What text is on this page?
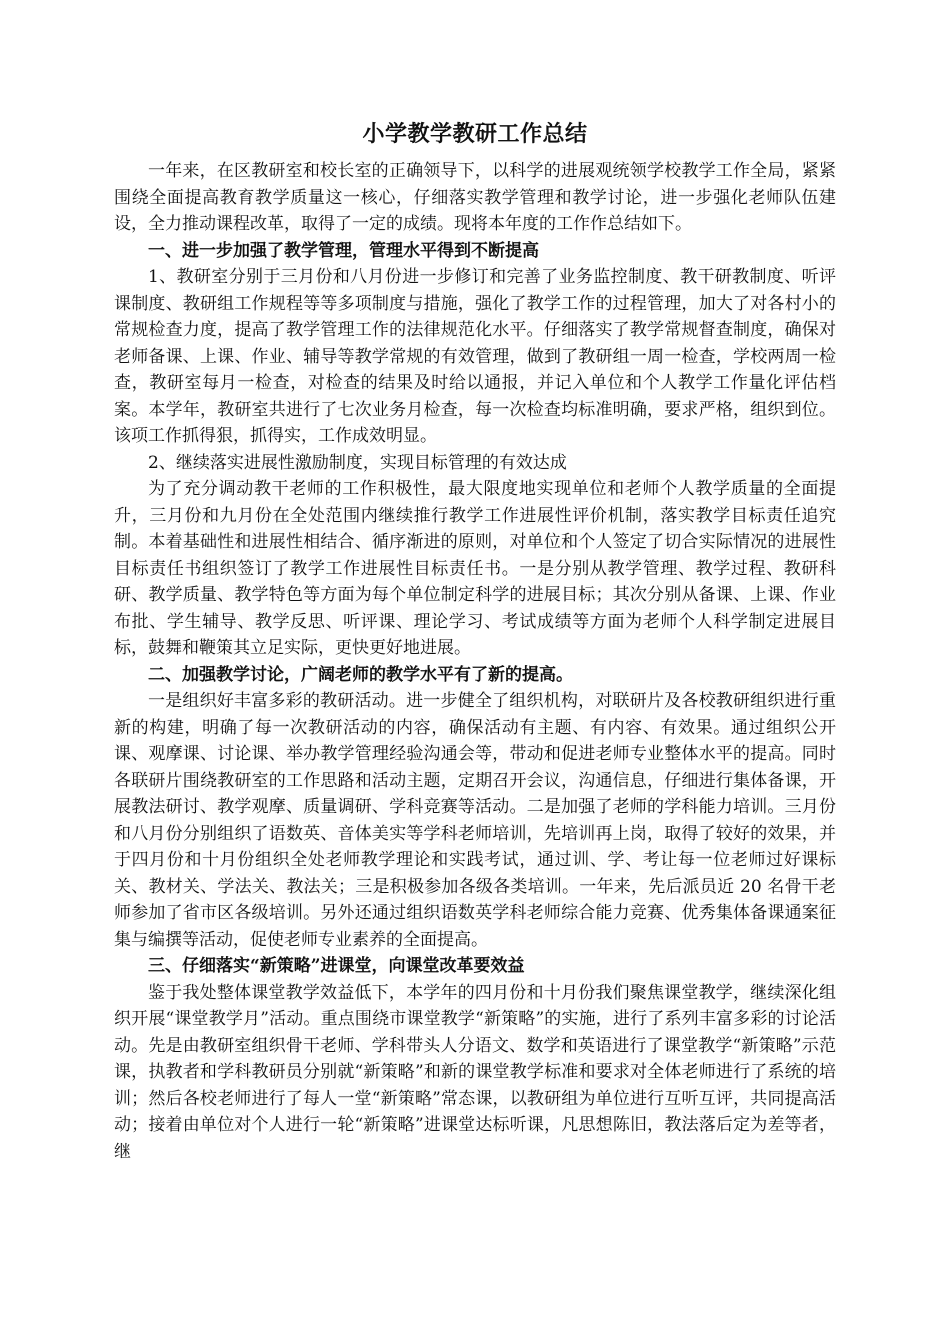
小学教学教研工作总结

一年来，在区教研室和校长室的正确领导下，以科学的进展观统领学校教学工作全局，紧紧围绕全面提高教育教学质量这一核心，仔细落实教学管理和教学讨论，进一步强化老师队伍建设，全力推动课程改革，取得了一定的成绩。现将本年度的工作作总结如下。

一、进一步加强了教学管理，管理水平得到不断提高

1、教研室分别于三月份和八月份进一步修订和完善了业务监控制度、教干研教制度、听评课制度、教研组工作规程等等多项制度与措施，强化了教学工作的过程管理，加大了对各村小的常规检查力度，提高了教学管理工作的法律规范化水平。仔细落实了教学常规督查制度，确保对老师备课、上课、作业、辅导等教学常规的有效管理，做到了教研组一周一检查，学校两周一检查，教研室每月一检查，对检查的结果及时给以通报，并记入单位和个人教学工作量化评估档案。本学年，教研室共进行了七次业务月检查，每一次检查均标准明确，要求严格，组织到位。该项工作抓得狠，抓得实，工作成效明显。

2、继续落实进展性激励制度，实现目标管理的有效达成

为了充分调动教干老师的工作积极性，最大限度地实现单位和老师个人教学质量的全面提升，三月份和九月份在全处范围内继续推行教学工作进展性评价机制，落实教学目标责任追究制。本着基础性和进展性相结合、循序渐进的原则，对单位和个人签定了切合实际情况的进展性目标责任书组织签订了教学工作进展性目标责任书。一是分别从教学管理、教学过程、教研科研、教学质量、教学特色等方面为每个单位制定科学的进展目标；其次分别从备课、上课、作业布批、学生辅导、教学反思、听评课、理论学习、考试成绩等方面为老师个人科学制定进展目标，鼓舞和鞭策其立足实际，更快更好地进展。

二、加强教学讨论，广阔老师的教学水平有了新的提高。

一是组织好丰富多彩的教研活动。进一步健全了组织机构，对联研片及各校教研组织进行重新的构建，明确了每一次教研活动的内容，确保活动有主题、有内容、有效果。通过组织公开课、观摩课、讨论课、举办教学管理经验沟通会等，带动和促进老师专业整体水平的提高。同时各联研片围绕教研室的工作思路和活动主题，定期召开会议，沟通信息，仔细进行集体备课，开展教法研讨、教学观摩、质量调研、学科竞赛等活动。二是加强了老师的学科能力培训。三月份和八月份分别组织了语数英、音体美实等学科老师培训，先培训再上岗，取得了较好的效果，并于四月份和十月份组织全处老师教学理论和实践考试，通过训、学、考让每一位老师过好课标关、教材关、学法关、教法关；三是积极参加各级各类培训。一年来，先后派员近 20 名骨干老师参加了省市区各级培训。另外还通过组织语数英学科老师综合能力竞赛、优秀集体备课通案征集与编撰等活动，促使老师专业素养的全面提高。

三、仔细落实“新策略”进课堂，向课堂改革要效益

鉴于我处整体课堂教学效益低下，本学年的四月份和十月份我们聚焦课堂教学，继续深化组织开展“课堂教学月”活动。重点围绕市课堂教学“新策略”的实施，进行了系列丰富多彩的讨论活动。先是由教研室组织骨干老师、学科带头人分语文、数学和英语进行了课堂教学“新策略”示范课，执教者和学科教研员分别就“新策略”和新的课堂教学标准和要求对全体老师进行了系统的培训；然后各校老师进行了每人一堂“新策略”常态课，以教研组为单位进行互听互评，共同提高活动；接着由单位对个人进行一轮“新策略”进课堂达标听课，凡思想陈旧，教法落后定为差等者，继
